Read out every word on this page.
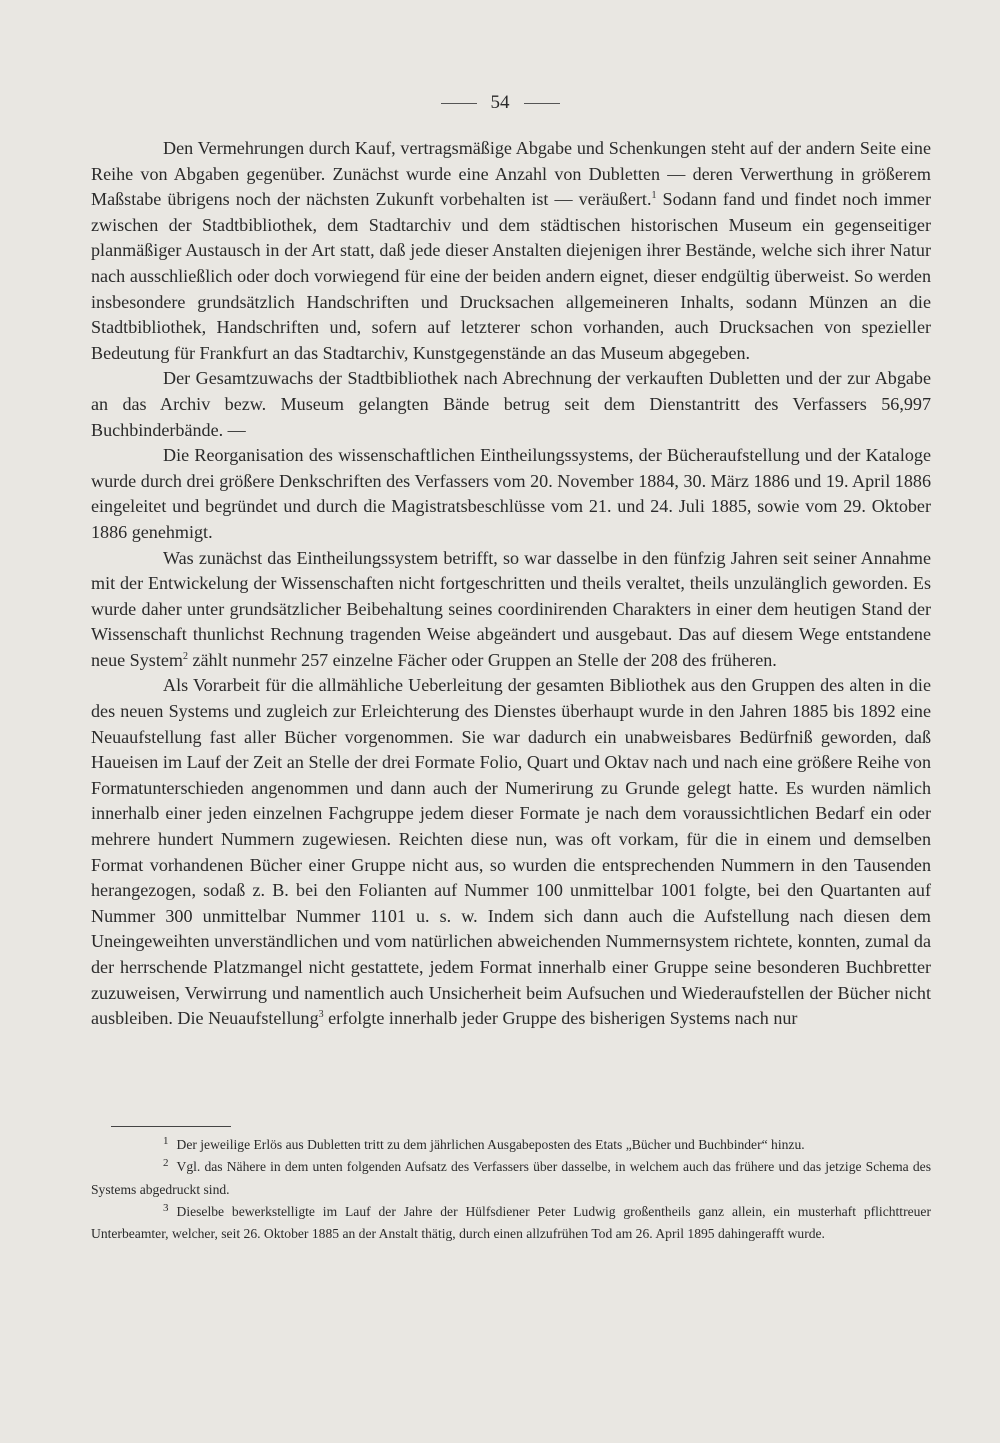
54

Den Vermehrungen durch Kauf, vertragsmäßige Abgabe und Schenkungen steht auf der andern Seite eine Reihe von Abgaben gegenüber. Zunächst wurde eine Anzahl von Dubletten — deren Verwerthung in größerem Maßstabe übrigens noch der nächsten Zukunft vorbehalten ist — veräußert.$^1$ Sodann fand und findet noch immer zwischen der Stadtbibliothek, dem Stadtarchiv und dem städtischen historischen Museum ein gegenseitiger planmäßiger Austausch in der Art statt, daß jede dieser Anstalten diejenigen ihrer Bestände, welche sich ihrer Natur nach ausschließlich oder doch vorwiegend für eine der beiden andern eignet, dieser endgültig überweist. So werden insbesondere grundsätzlich Handschriften und Drucksachen allgemeineren Inhalts, sodann Münzen an die Stadtbibliothek, Handschriften und, sofern auf letzterer schon vorhanden, auch Drucksachen von spezieller Bedeutung für Frankfurt an das Stadtarchiv, Kunstgegenstände an das Museum abgegeben.

Der Gesamtzuwachs der Stadtbibliothek nach Abrechnung der verkauften Dubletten und der zur Abgabe an das Archiv bezw. Museum gelangten Bände betrug seit dem Dienstantritt des Verfassers 56,997 Buchbinderbände. —

Die Reorganisation des wissenschaftlichen Eintheilungssystems, der Bücheraufstellung und der Kataloge wurde durch drei größere Denkschriften des Verfassers vom 20. November 1884, 30. März 1886 und 19. April 1886 eingeleitet und begründet und durch die Magistratsbeschlüsse vom 21. und 24. Juli 1885, sowie vom 29. Oktober 1886 genehmigt.

Was zunächst das Eintheilungssystem betrifft, so war dasselbe in den fünfzig Jahren seit seiner Annahme mit der Entwickelung der Wissenschaften nicht fortgeschritten und theils veraltet, theils unzulänglich geworden. Es wurde daher unter grundsätzlicher Beibehaltung seines coordinirenden Charakters in einer dem heutigen Stand der Wissenschaft thunlichst Rechnung tragenden Weise abgeändert und ausgebaut. Das auf diesem Wege entstandene neue System$^2$ zählt nunmehr 257 einzelne Fächer oder Gruppen an Stelle der 208 des früheren.

Als Vorarbeit für die allmähliche Ueberleitung der gesamten Bibliothek aus den Gruppen des alten in die des neuen Systems und zugleich zur Erleichterung des Dienstes überhaupt wurde in den Jahren 1885 bis 1892 eine Neuaufstellung fast aller Bücher vorgenommen. Sie war dadurch ein unabweisbares Bedürfniß geworden, daß Haueisen im Lauf der Zeit an Stelle der drei Formate Folio, Quart und Oktav nach und nach eine größere Reihe von Formatunterschieden angenommen und dann auch der Numerirung zu Grunde gelegt hatte. Es wurden nämlich innerhalb einer jeden einzelnen Fachgruppe jedem dieser Formate je nach dem voraussichtlichen Bedarf ein oder mehrere hundert Nummern zugewiesen. Reichten diese nun, was oft vorkam, für die in einem und demselben Format vorhandenen Bücher einer Gruppe nicht aus, so wurden die entsprechenden Nummern in den Tausenden herangezogen, sodaß z. B. bei den Folianten auf Nummer 100 unmittelbar 1001 folgte, bei den Quartanten auf Nummer 300 unmittelbar Nummer 1101 u. s. w. Indem sich dann auch die Aufstellung nach diesen dem Uneingeweihten unverständlichen und vom natürlichen abweichenden Nummernsystem richtete, konnten, zumal da der herrschende Platzmangel nicht gestattete, jedem Format innerhalb einer Gruppe seine besonderen Buchbretter zuzuweisen, Verwirrung und namentlich auch Unsicherheit beim Aufsuchen und Wiederaufstellen der Bücher nicht ausbleiben. Die Neuaufstellung$^3$ erfolgte innerhalb jeder Gruppe des bisherigen Systems nach nur

$^1$ Der jeweilige Erlös aus Dubletten tritt zu dem jährlichen Ausgabeposten des Etats „Bücher und Buchbinder“ hinzu.

$^2$ Vgl. das Nähere in dem unten folgenden Aufsatz des Verfassers über dasselbe, in welchem auch das frühere und das jetzige Schema des Systems abgedruckt sind.

$^3$ Dieselbe bewerkstelligte im Lauf der Jahre der Hülfsdiener Peter Ludwig großentheils ganz allein, ein musterhaft pflichttreuer Unterbeamter, welcher, seit 26. Oktober 1885 an der Anstalt thätig, durch einen allzufrühen Tod am 26. April 1895 dahingerafft wurde.
